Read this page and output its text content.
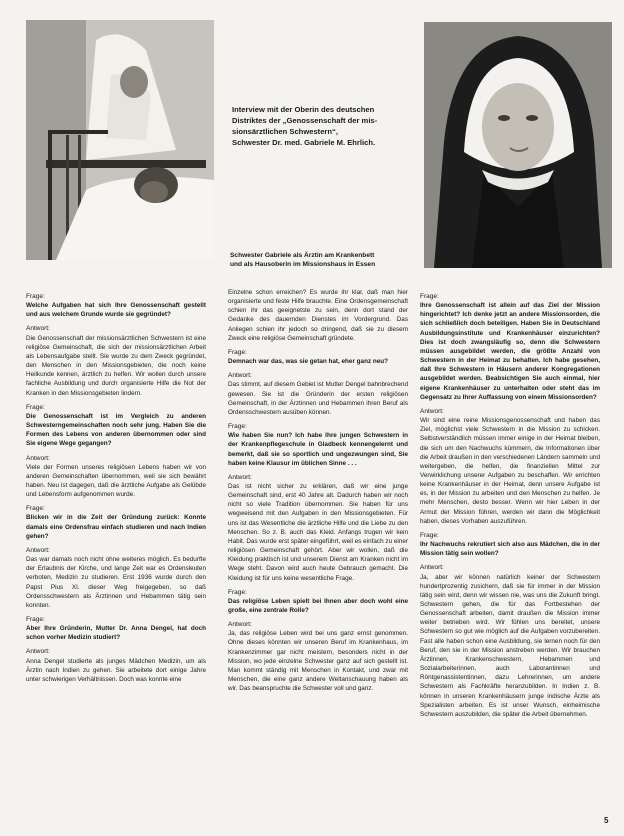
Interview mit der Oberin des deutschen
Distriktes der „Genossenschaft der mis-
sionsärztlichen Schwestern“,
Schwester Dr. med. Gabriele M. Ehrlich.
Schwester Gabriele als Ärztin am Krankenbett
und als Hausoberin im Missionshaus in Essen
Frage:
Welche Aufgaben hat sich Ihre Genossenschaft gestellt und aus welchem Grunde wurde sie gegründet?
Antwort:
Die Genossenschaft der missionsärztlichen Schwestern ist eine religiöse Gemeinschaft, die sich der missionsärztlichen Arbeit als Lebensaufgabe stellt. Sie wurde zu dem Zweck gegründet, den Menschen in den Missionsgebieten, die noch keine Heilkunde kennen, ärztlich zu helfen. Wir wollen durch unsere fachliche Ausbildung und durch organisierte Hilfe die Not der Kranken in den Missionsgebieten lindern.
Frage:
Die Genossenschaft ist im Vergleich zu anderen Schwesterngemeinschaften noch sehr jung. Haben Sie die Formen des Lebens von anderen übernommen oder sind Sie eigene Wege gegangen?
Antwort:
Viele der Formen unseres religiösen Lebens haben wir von anderen Gemeinschaften übernommen, weil sie sich bewährt haben. Neu ist dagegen, daß die ärztliche Aufgabe als Gelübde und Lebensform aufgenommen wurde.
Frage:
Blicken wir in die Zeit der Gründung zurück: Konnte damals eine Ordensfrau einfach studieren und nach Indien gehen?
Antwort:
Das war damals noch nicht ohne weiteres möglich. Es bedurfte der Erlaubnis der Kirche, und lange Zeit war es Ordensleuten verboten, Medizin zu studieren. Erst 1936 wurde durch den Papst Pius XI. dieser Weg freigegeben, so daß Ordensschwestern als Ärztinnen und Hebammen tätig sein konnten.
Frage:
Aber Ihre Gründerin, Mutter Dr. Anna Dengel, hat doch schon vorher Medizin studiert?
Antwort:
Anna Dengel studierte als junges Mädchen Medizin, um als Ärztin nach Indien zu gehen. Sie arbeitete dort einige Jahre unter schwierigen Verhältnissen. Doch was konnte eine
Einzelne schon erreichen? Es wurde ihr klar, daß man hier organisierte und feste Hilfe brauchte. Eine Ordensgemeinschaft schien ihr das geeignetste zu sein, denn dort stand der Gedanke des dauernden Dienstes im Vordergrund. Das Anliegen schien ihr jedoch so dringend, daß sie zu diesem Zweck eine religiöse Gemeinschaft gründete.
Frage:
Demnach war das, was sie getan hat, eher ganz neu?
Antwort:
Das stimmt, auf diesem Gebiet ist Mutter Dengel bahnbrechend gewesen. Sie ist die Gründerin der ersten religiösen Gemeinschaft, in der Ärztinnen und Hebammen ihren Beruf als Ordensschwestern ausüben können.
Frage:
Wie haben Sie nun? Ich habe Ihre jungen Schwestern in der Krankenpflegeschule in Gladbeck kennengelernt und bemerkt, daß sie so sportlich und ungezwungen sind, Sie haben keine Klausur im üblichen Sinne . . .
Antwort:
Das ist nicht sicher zu erklären, daß wir eine junge Gemeinschaft sind, erst 40 Jahre alt. Dadurch haben wir noch nicht so viele Tradition übernommen. Sie haben für uns wegweisend mit den Aufgaben in den Missionsgebieten. Für uns ist das Wesentliche die ärztliche Hilfe und die Liebe zu den Menschen. So z. B. auch das Kleid. Anfangs trugen wir kein Habit. Das wurde erst später eingeführt, weil es einfach zu einer religiösen Gemeinschaft gehört. Aber wir wollen, daß die Kleidung praktisch ist und unserem Dienst am Kranken nicht im Wege steht. Davon wird auch heute Gebrauch gemacht. Die Kleidung ist für uns keine wesentliche Frage.
Frage:
Das religiöse Leben spielt bei Ihnen aber doch wohl eine große, eine zentrale Rolle?
Antwort:
Ja, das religiöse Leben wird bei uns ganz ernst genommen. Ohne dieses könnten wir unseren Beruf im Krankenhaus, im Krankenzimmer gar nicht meistern, besonders nicht in der Mission, wo jede einzelne Schwester ganz auf sich gestellt ist. Man kommt ständig mit Menschen in Kontakt, und zwar mit Menschen, die eine ganz andere Weltanschauung haben als wir. Das beanspruchte die Schwester voll und ganz.
Frage:
Ihre Genossenschaft ist allein auf das Ziel der Mission hingerichtet? Ich denke jetzt an andere Missionsorden, die sich schließlich doch beteiligen. Haben Sie in Deutschland Ausbildungsinstitute und Krankenhäuser einzurichten? Dies ist doch zwangsläufig so, denn die Schwestern müssen ausgebildet werden, die größte Anzahl von Schwestern in der Heimat zu behalten. Ich habe gesehen, daß Ihre Schwestern in Häusern anderer Kongregationen ausgebildet werden. Beabsichtigen Sie auch einmal, hier eigene Krankenhäuser zu unterhalten oder steht das im Gegensatz zu Ihrer Auffassung von einem Missionsorden?
Antwort:
Wir sind eine reine Missionsgenossenschaft und haben das Ziel, möglichst viele Schwestern in die Mission zu schicken. Selbstverständlich müssen immer einige in der Heimat bleiben, die sich um den Nachwuchs kümmern, die Informationen über die Arbeit draußen in den verschiedenen Ländern sammeln und weitergeben, die helfen, die finanziellen Mittel zur Verwirklichung unserer Aufgaben zu beschaffen. Wir errichten keine Krankenhäuser in der Heimat, denn unsere Aufgabe ist es, in der Mission zu arbeiten und den Menschen zu helfen. Je mehr Menschen, desto besser. Wenn wir hier Leben in der Armut der Mission führen, werden wir dann die Möglichkeit haben, dieses Vorhaben auszuführen.
Frage:
Ihr Nachwuchs rekrutiert sich also aus Mädchen, die in der Mission tätig sein wollen?
Antwort:
Ja, aber wir können natürlich keiner der Schwestern hundertprozentig zusichern, daß sie für immer in der Mission tätig sein wird, denn wir wissen nie, was uns die Zukunft bringt. Schwestern gehen, die für das Fortbestehen der Genossenschaft arbeiten, damit draußen die Mission immer weiter betrieben wird. Wir fühlen uns bereitet, unsere Schwestern so gut wie möglich auf die Aufgaben vorzubereiten. Fast alle haben schon eine Ausbildung, sie lernen noch für den Beruf, den sie in der Mission anstreben werden. Wir brauchen Ärztinnen, Krankenschwestern, Hebammen und Sozialarbeiterinnen, auch Laborantinnen und Röntgenassistentinnen, dazu Lehrerinnen, um andere Schwestern als Fachkräfte heranzubilden. In Indien z. B. können in unseren Krankenhäusern junge indische Ärzte als Spezialisten arbeiten. Es ist unser Wunsch, einheimische Schwestern auszubilden, die später die Arbeit übernehmen.
5
